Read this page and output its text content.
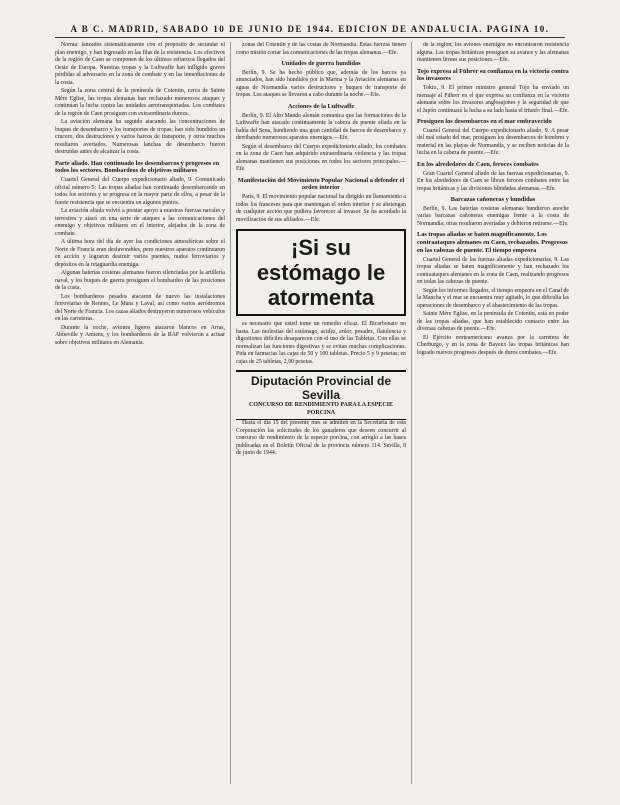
A B C. MADRID, SABADO 10 DE JUNIO DE 1944. EDICION DE ANDALUCIA. PAGINA 10.

Norma: lanzados sistemáticamente con el propósito de secundar el plan enemigo, y han ingresado en las filas de la resistencia. Los efectivos de la región de Caen se componen de los últimos refuerzos llegados del Oeste de Europa. Nuestras tropas y la Luftwaffe han infligido graves pérdidas al adversario en la zona de combate y en las inmediaciones de la costa.

Según la zona central de la península de Cotentin, cerca de Sainte Mère Eglise, las tropas alemanas han rechazado numerosos ataques y continúan la lucha contra las unidades aerotransportadas. Los combates de la región de Caen prosiguen con extraordinaria dureza.

La aviación alemana ha seguido atacando las concentraciones de buques de desembarco y los transportes de tropas; han sido hundidos un crucero, dos destructores y varios barcos de transporte, y otros muchos resultaron averiados. Numerosas lanchas de desembarco fueron destruidas antes de alcanzar la costa.

Parte aliado. Han continuado los desembarcos y progresos en todos los sectores. Bombardeos de objetivos militares

Cuartel General del Cuerpo expedicionario aliado, 9. Comunicado oficial número 5: Las tropas aliadas han continuado desembarcando en todos los sectores y se progresa en la mayor parte de ellos, a pesar de la fuerte resistencia que se encuentra en algunos puntos.

La aviación aliada volvió a prestar apoyo a nuestras fuerzas navales y terrestres y atacó en una serie de ataques a las comunicaciones del enemigo y objetivos militares en el interior, alejados de la zona de combate.

A última hora del día de ayer las condiciones atmosféricas sobre el Norte de Francia eran desfavorables, pero nuestros aparatos continuaron en acción y lograron destruir varios puentes, nudos ferroviarios y depósitos en la retaguardia enemiga.

Algunas baterías costeras alemanas fueron silenciadas por la artillería naval, y los buques de guerra prosiguen el bombardeo de las posiciones de la costa.

Los bombarderos pesados atacaron de nuevo las instalaciones ferroviarias de Rennes, Le Mans y Laval, así como varios aeródromos del Norte de Francia. Los cazas aliados destruyeron numerosos vehículos en las carreteras.

Durante la noche, aviones ligeros atacaron blancos en Arras, Abbeville y Amiens, y los bombarderos de la RAF volvieron a actuar sobre objetivos militares en Alemania.

zonas del Cotentin y de las costas de Normandía. Estas fuerzas tienen como misión cortar las comunicaciones de las tropas alemanas.—Efe.

Unidades de guerra hundidas

Berlín, 9. Se ha hecho público que, además de los barcos ya anunciados, han sido hundidos por la Marina y la Aviación alemanas en aguas de Normandía varios destructores y buques de transporte de tropas. Los ataques se llevaron a cabo durante la noche.—Efe.

Acciones de la Luftwaffe

Berlín, 9. El Alto Mando alemán comunica que las formaciones de la Luftwaffe han atacado continuamente la cabeza de puente aliada en la bahía del Sena, hundiendo una gran cantidad de barcos de desembarco y derribando numerosos aparatos enemigos.—Efe.

Según el desembarco del Cuerpo expedicionario aliado, los combates en la zona de Caen han adquirido extraordinaria violencia y las tropas alemanas mantienen sus posiciones en todos los sectores principales.—Efe.

Manifestación del Movimiento Popular Nacional a defender el orden interior

París, 9. El movimiento popular nacional ha dirigido un llamamiento a todos los franceses para que mantengan el orden interior y se abstengan de cualquier acción que pudiera favorecer al invasor. Se ha acordado la movilización de sus afiliados.—Efe.

¡Si su estómago le
atormenta

es necesario que usted tome un remedio eficaz. El Bicarbonato no basta. Las molestias del estómago, acidez, ardor, pesadez, flatulencia y digestiones difíciles desaparecen con el uso de las Tabletas. Con ellas se normalizan las funciones digestivas y se evitan muchas complicaciones. Pida en farmacias las cajas de 50 y 100 tabletas. Precio 5 y 9 pesetas; en cajas de 25 tabletas, 2,90 pesetas.

Diputación Provincial de Sevilla
CONCURSO DE RENDIMIENTO PARA LA ESPECIE PORCINA

Hasta el día 15 del presente mes se admiten en la Secretaría de esta Corporación las solicitudes de los ganaderos que deseen concurrir al concurso de rendimiento de la especie porcina, con arreglo a las bases publicadas en el Boletín Oficial de la provincia número 114. Sevilla, 8 de junio de 1944.

de la región; los aviones enemigos no encontraron resistencia alguna. Las tropas británicas prosiguen su avance y las alemanas mantienen firmes sus posiciones.—Efe.

Tojo expresa al Führer su confianza en la victoria contra los invasores

Tokio, 9. El primer ministro general Tojo ha enviado un mensaje al Führer en el que expresa su confianza en la victoria alemana sobre los invasores anglosajones y la seguridad de que el Japón continuará la lucha a su lado hasta el triunfo final.—Efe.

Prosiguen los desembarcos en el mar embravecido

Cuartel General del Cuerpo expedicionario aliado, 9. A pesar del mal estado del mar, prosiguen los desembarcos de hombres y material en las playas de Normandía, y se reciben noticias de la lucha en la cabeza de puente.—Efe.

En los alrededores de Caen, feroces combates

Gran Cuartel General aliado de las fuerzas expedicionarias, 9. En los alrededores de Caen se libran feroces combates entre las tropas británicas y las divisiones blindadas alemanas.—Efe.

Barcazas cañoneras y hundidas

Berlín, 9. Las baterías costeras alemanas hundieron anoche varias barcazas cañoneras enemigas frente a la costa de Normandía; otras resultaron averiadas y debieron retirarse.—Efe.

Las tropas aliadas se baten magníficamente. Los contraataques alemanes en Caen, rechazados. Progresos en las cabezas de puente. El tiempo empeora

Cuartel General de las fuerzas aliadas expedicionarias, 9. Las tropas aliadas se baten magníficamente y han rechazado los contraataques alemanes en la zona de Caen, realizando progresos en todas las cabezas de puente.

Según los informes llegados, el tiempo empeora en el Canal de la Mancha y el mar se encuentra muy agitado, lo que dificulta las operaciones de desembarco y el abastecimiento de las tropas.

Sainte Mère Eglise, en la península de Cotentin, está en poder de las tropas aliadas, que han establecido contacto entre las diversas cabezas de puente.—Efe.

El Ejército norteamericano avanza por la carretera de Cherburgo, y en la zona de Bayeux las tropas británicas han logrado nuevos progresos después de duros combates.—Efe.
